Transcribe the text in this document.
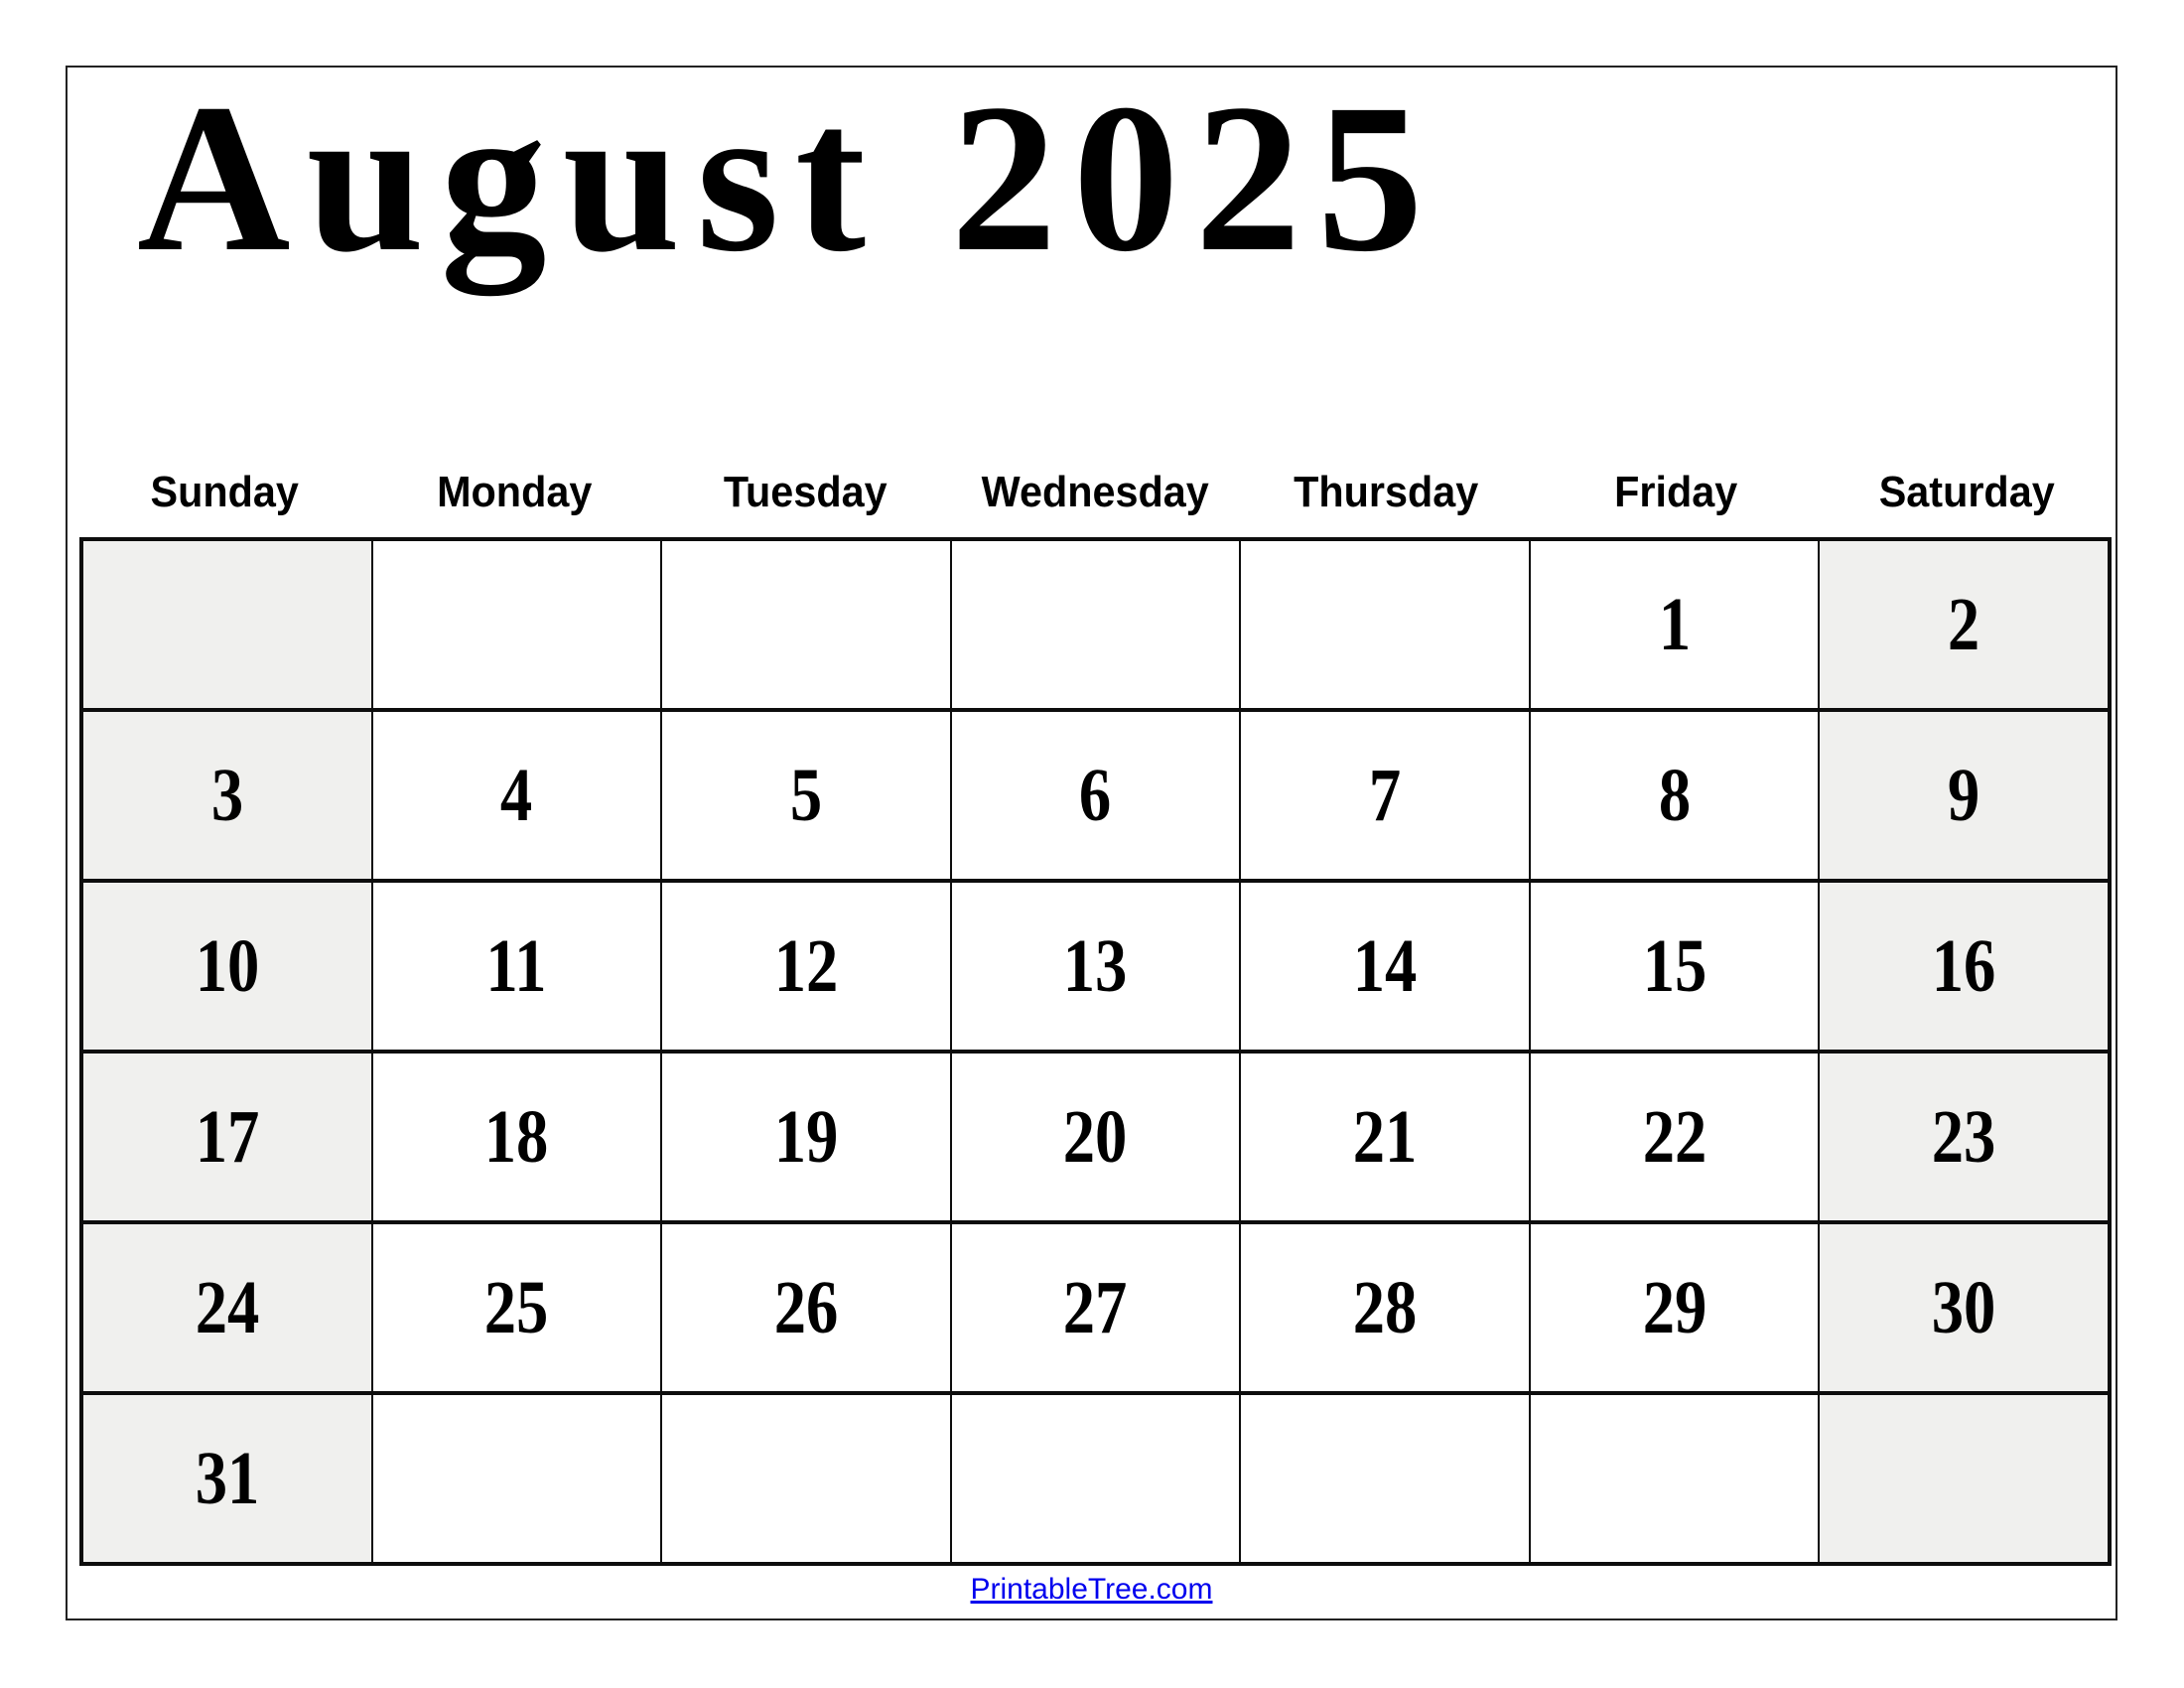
August 2025
Sunday	Monday	Tuesday	Wednesday	Thursday	Friday	Saturday
					1	2
3	4	5	6	7	8	9
10	11	12	13	14	15	16
17	18	19	20	21	22	23
24	25	26	27	28	29	30
31						
PrintableTree.com
